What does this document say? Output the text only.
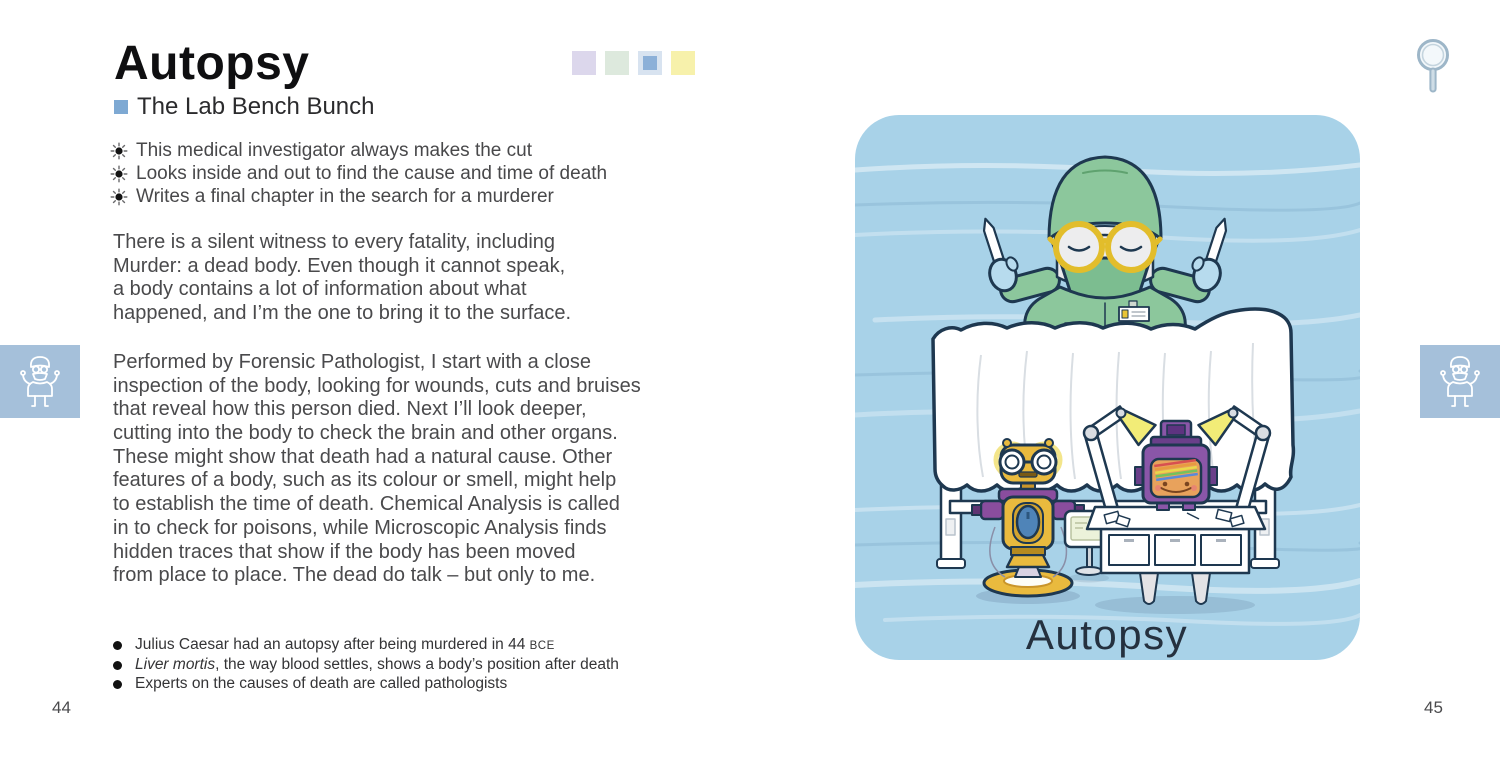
Autopsy
The Lab Bench Bunch
This medical investigator always makes the cut
Looks inside and out to find the cause and time of death
Writes a final chapter in the search for a murderer
There is a silent witness to every fatality, including
Murder: a dead body. Even though it cannot speak,
a body contains a lot of information about what
happened, and I’m the one to bring it to the surface.
Performed by Forensic Pathologist, I start with a close
inspection of the body, looking for wounds, cuts and bruises
that reveal how this person died. Next I’ll look deeper,
cutting into the body to check the brain and other organs.
These might show that death had a natural cause. Other
features of a body, such as its colour or smell, might help
to establish the time of death. Chemical Analysis is called
in to check for poisons, while Microscopic Analysis finds
hidden traces that show if the body has been moved
from place to place. The dead do talk – but only to me.
Julius Caesar had an autopsy after being murdered in 44 BCE
Liver mortis, the way blood settles, shows a body’s position after death
Experts on the causes of death are called pathologists
44	45
Autopsy
